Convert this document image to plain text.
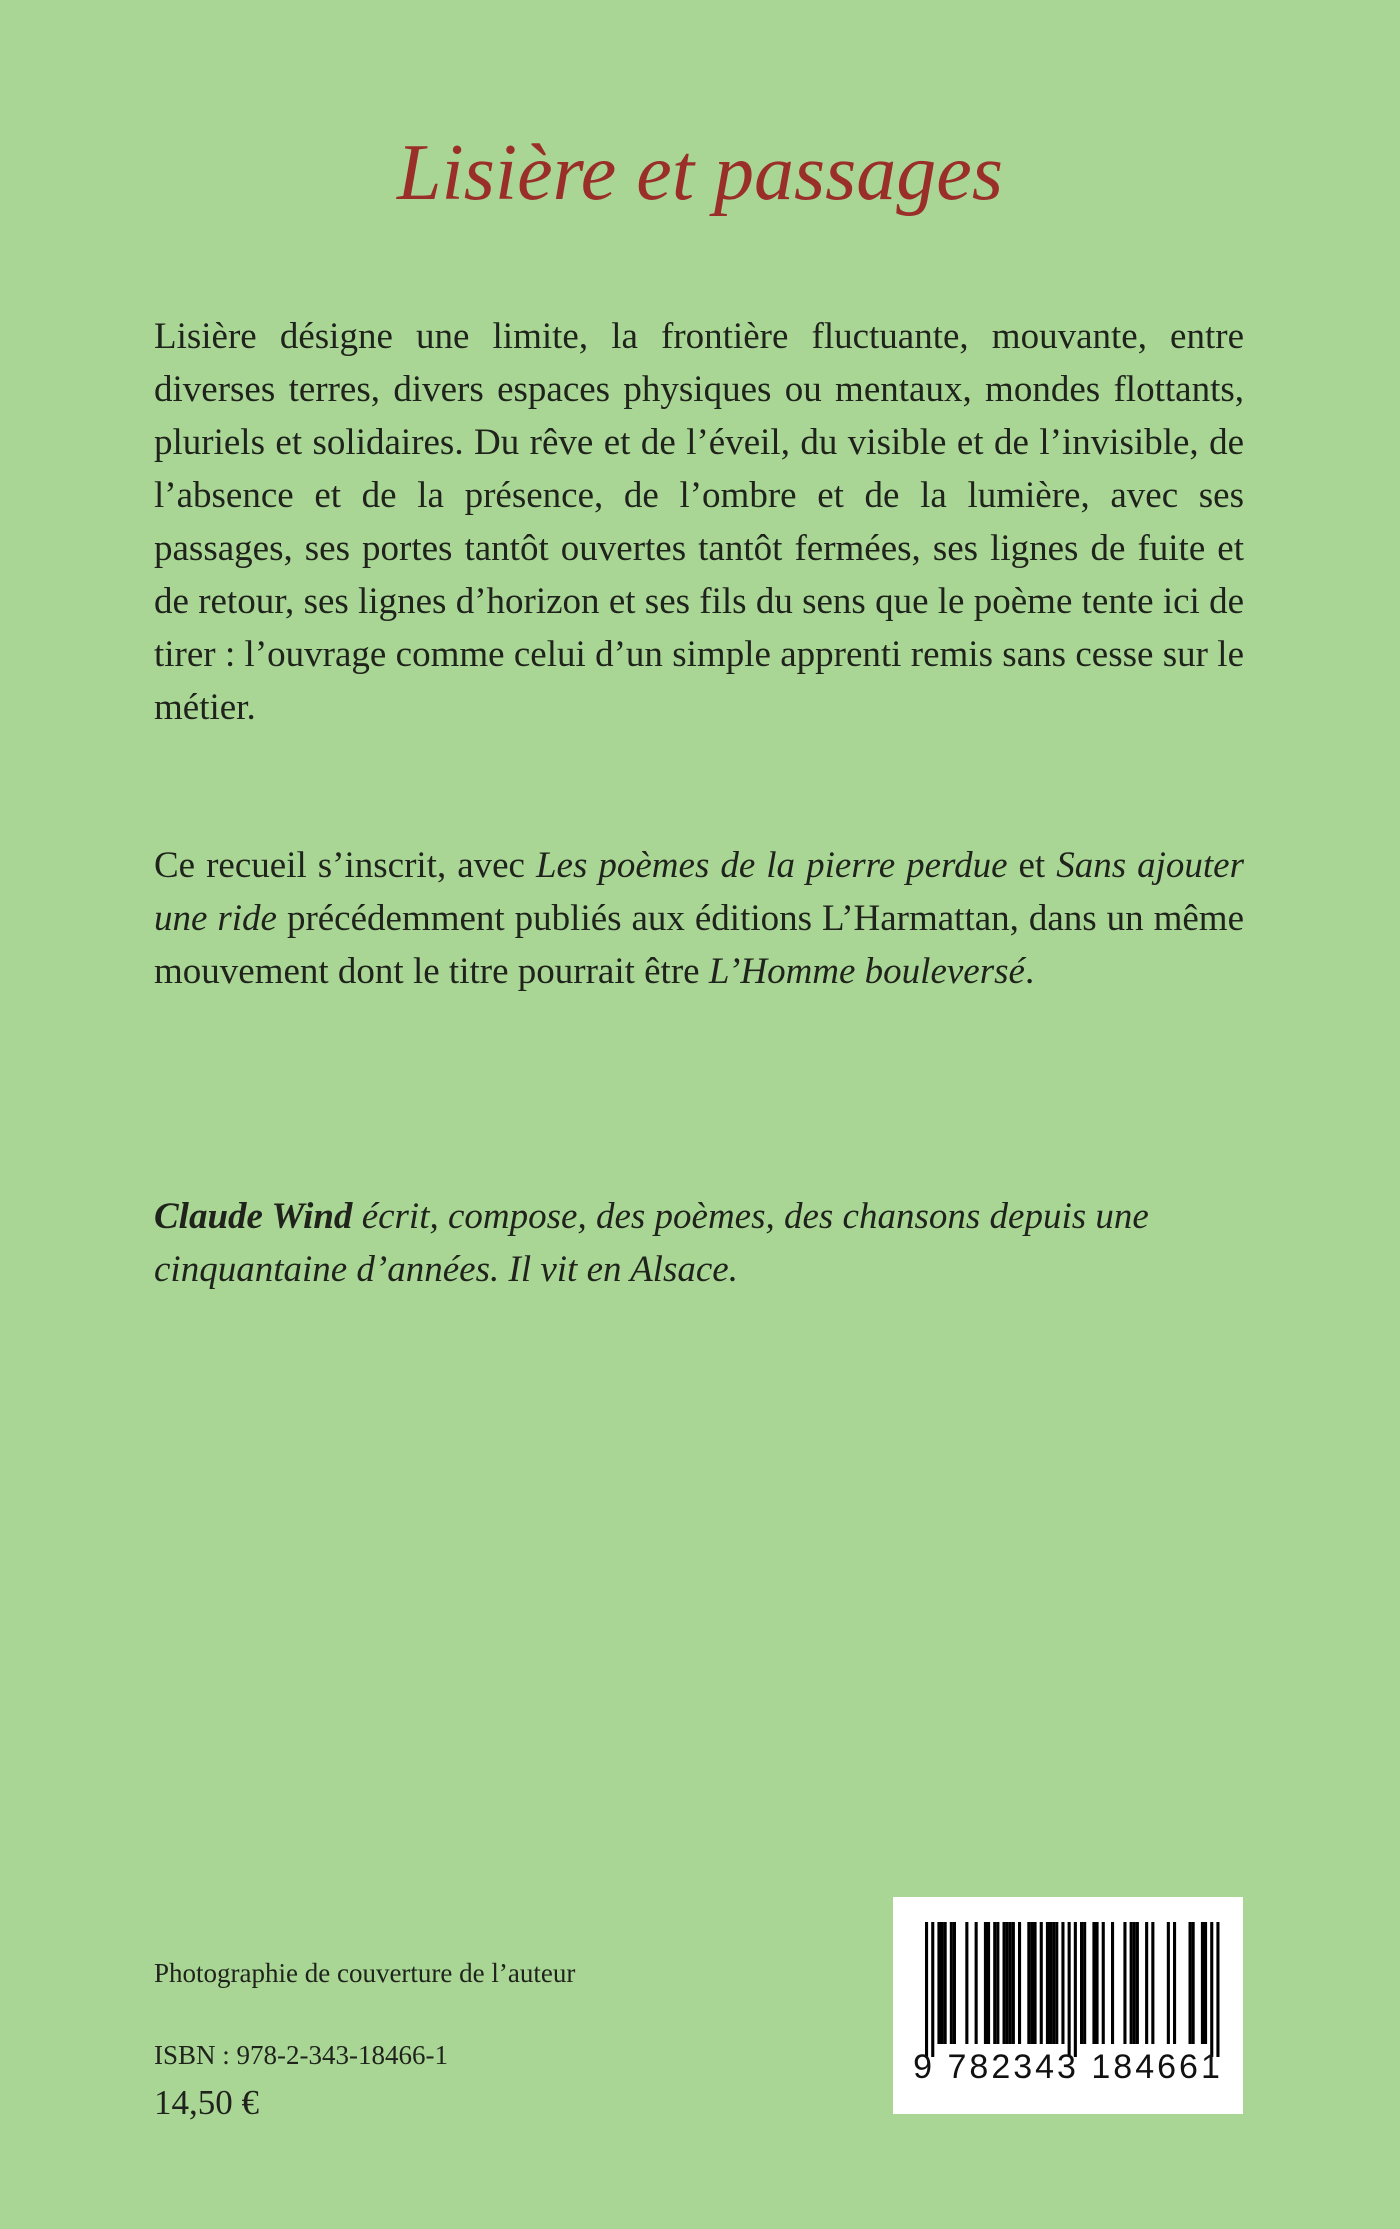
Lisière et passages

Lisière désigne une limite, la frontière fluctuante, mouvante, entre diverses terres, divers espaces physiques ou mentaux, mondes flottants, pluriels et solidaires. Du rêve et de l’éveil, du visible et de l’invisible, de l’absence et de la présence, de l’ombre et de la lumière, avec ses passages, ses portes tantôt ouvertes tantôt fermées, ses lignes de fuite et de retour, ses lignes d’horizon et ses fils du sens que le poème tente ici de tirer : l’ouvrage comme celui d’un simple apprenti remis sans cesse sur le métier.

Ce recueil s’inscrit, avec Les poèmes de la pierre perdue et Sans ajouter une ride précédemment publiés aux éditions L’Harmattan, dans un même mouvement dont le titre pourrait être L’Homme bouleversé.

Claude Wind écrit, compose, des poèmes, des chansons depuis une cinquantaine d’années. Il vit en Alsace.

Photographie de couverture de l’auteur

ISBN : 978-2-343-18466-1

14,50 €

9 782343 184661
